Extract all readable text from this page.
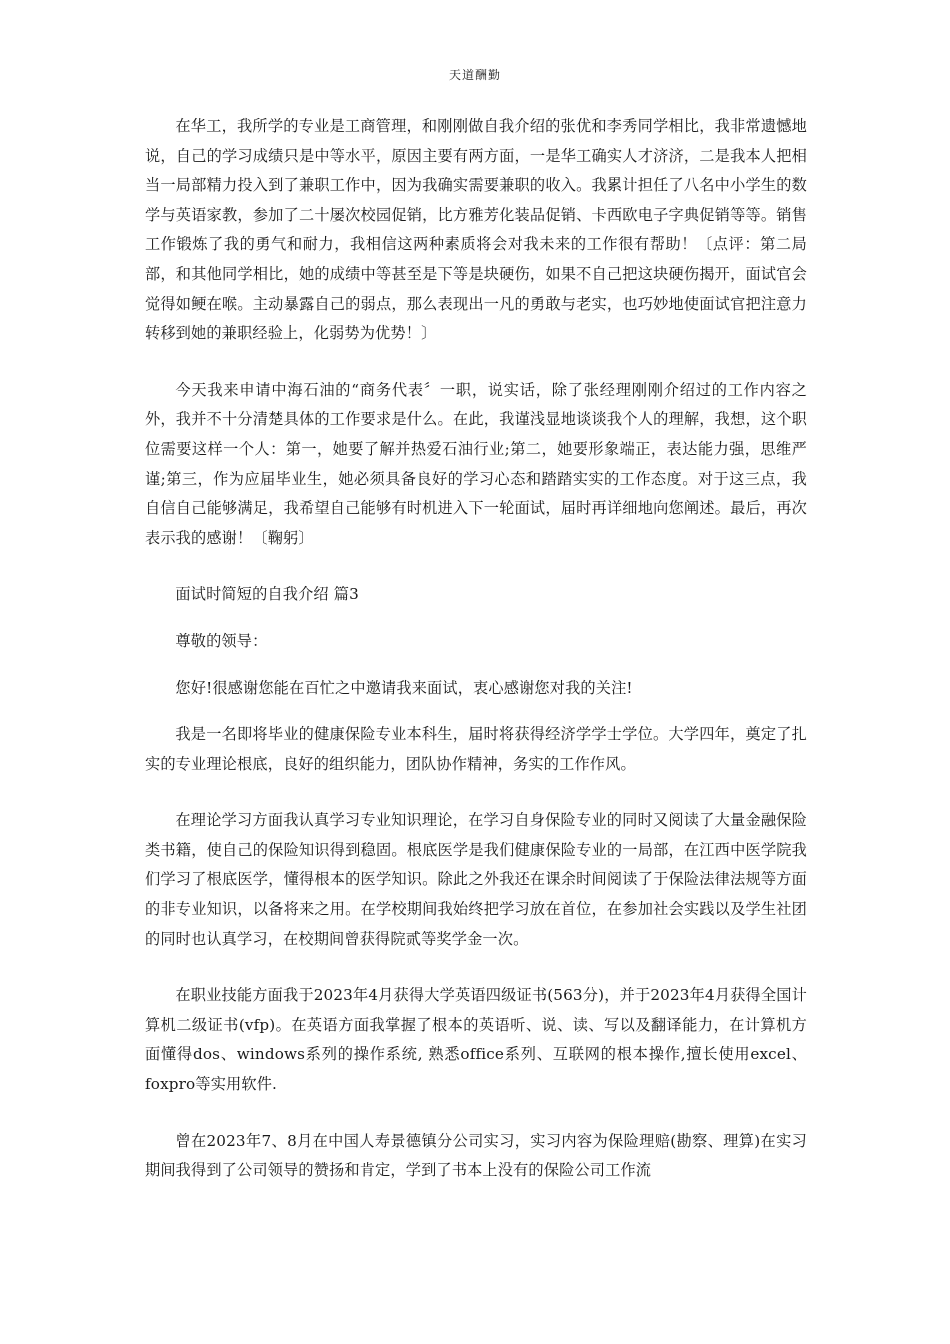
天道酬勤

在华工，我所学的专业是工商管理，和刚刚做自我介绍的张优和李秀同学相比，我非常遗憾地说，自己的学习成绩只是中等水平，原因主要有两方面，一是华工确实人才济济，二是我本人把相当一局部精力投入到了兼职工作中，因为我确实需要兼职的收入。我累计担任了八名中小学生的数学与英语家教，参加了二十屡次校园促销，比方雅芳化装品促销、卡西欧电子字典促销等等。销售工作锻炼了我的勇气和耐力，我相信这两种素质将会对我未来的工作很有帮助！〔点评：第二局部，和其他同学相比，她的成绩中等甚至是下等是块硬伤，如果不自己把这块硬伤揭开，面试官会觉得如鲠在喉。主动暴露自己的弱点，那么表现出一凡的勇敢与老实，也巧妙地使面试官把注意力转移到她的兼职经验上，化弱势为优势！〕

今天我来申请中海石油的“商务代表〞一职，说实话，除了张经理刚刚介绍过的工作内容之外，我并不十分清楚具体的工作要求是什么。在此，我谨浅显地谈谈我个人的理解，我想，这个职位需要这样一个人：第一，她要了解并热爱石油行业;第二，她要形象端正，表达能力强，思维严谨;第三，作为应届毕业生，她必须具备良好的学习心态和踏踏实实的工作态度。对于这三点，我自信自己能够满足，我希望自己能够有时机进入下一轮面试，届时再详细地向您阐述。最后，再次表示我的感谢！〔鞠躬〕

面试时简短的自我介绍 篇3

尊敬的领导：

您好!很感谢您能在百忙之中邀请我来面试，衷心感谢您对我的关注!

我是一名即将毕业的健康保险专业本科生，届时将获得经济学学士学位。大学四年，奠定了扎实的专业理论根底，良好的组织能力，团队协作精神，务实的工作作风。

在理论学习方面我认真学习专业知识理论，在学习自身保险专业的同时又阅读了大量金融保险类书籍，使自己的保险知识得到稳固。根底医学是我们健康保险专业的一局部，在江西中医学院我们学习了根底医学，懂得根本的医学知识。除此之外我还在课余时间阅读了于保险法律法规等方面的非专业知识，以备将来之用。在学校期间我始终把学习放在首位，在参加社会实践以及学生社团的同时也认真学习，在校期间曾获得院贰等奖学金一次。

在职业技能方面我于2023年4月获得大学英语四级证书(563分)，并于2023年4月获得全国计算机二级证书(vfp)。在英语方面我掌握了根本的英语听、说、读、写以及翻译能力，在计算机方面懂得dos、windows系列的操作系统, 熟悉office系列、互联网的根本操作,擅长使用excel、foxpro等实用软件.

曾在2023年7、8月在中国人寿景德镇分公司实习，实习内容为保险理赔(勘察、理算)在实习期间我得到了公司领导的赞扬和肯定，学到了书本上没有的保险公司工作流
